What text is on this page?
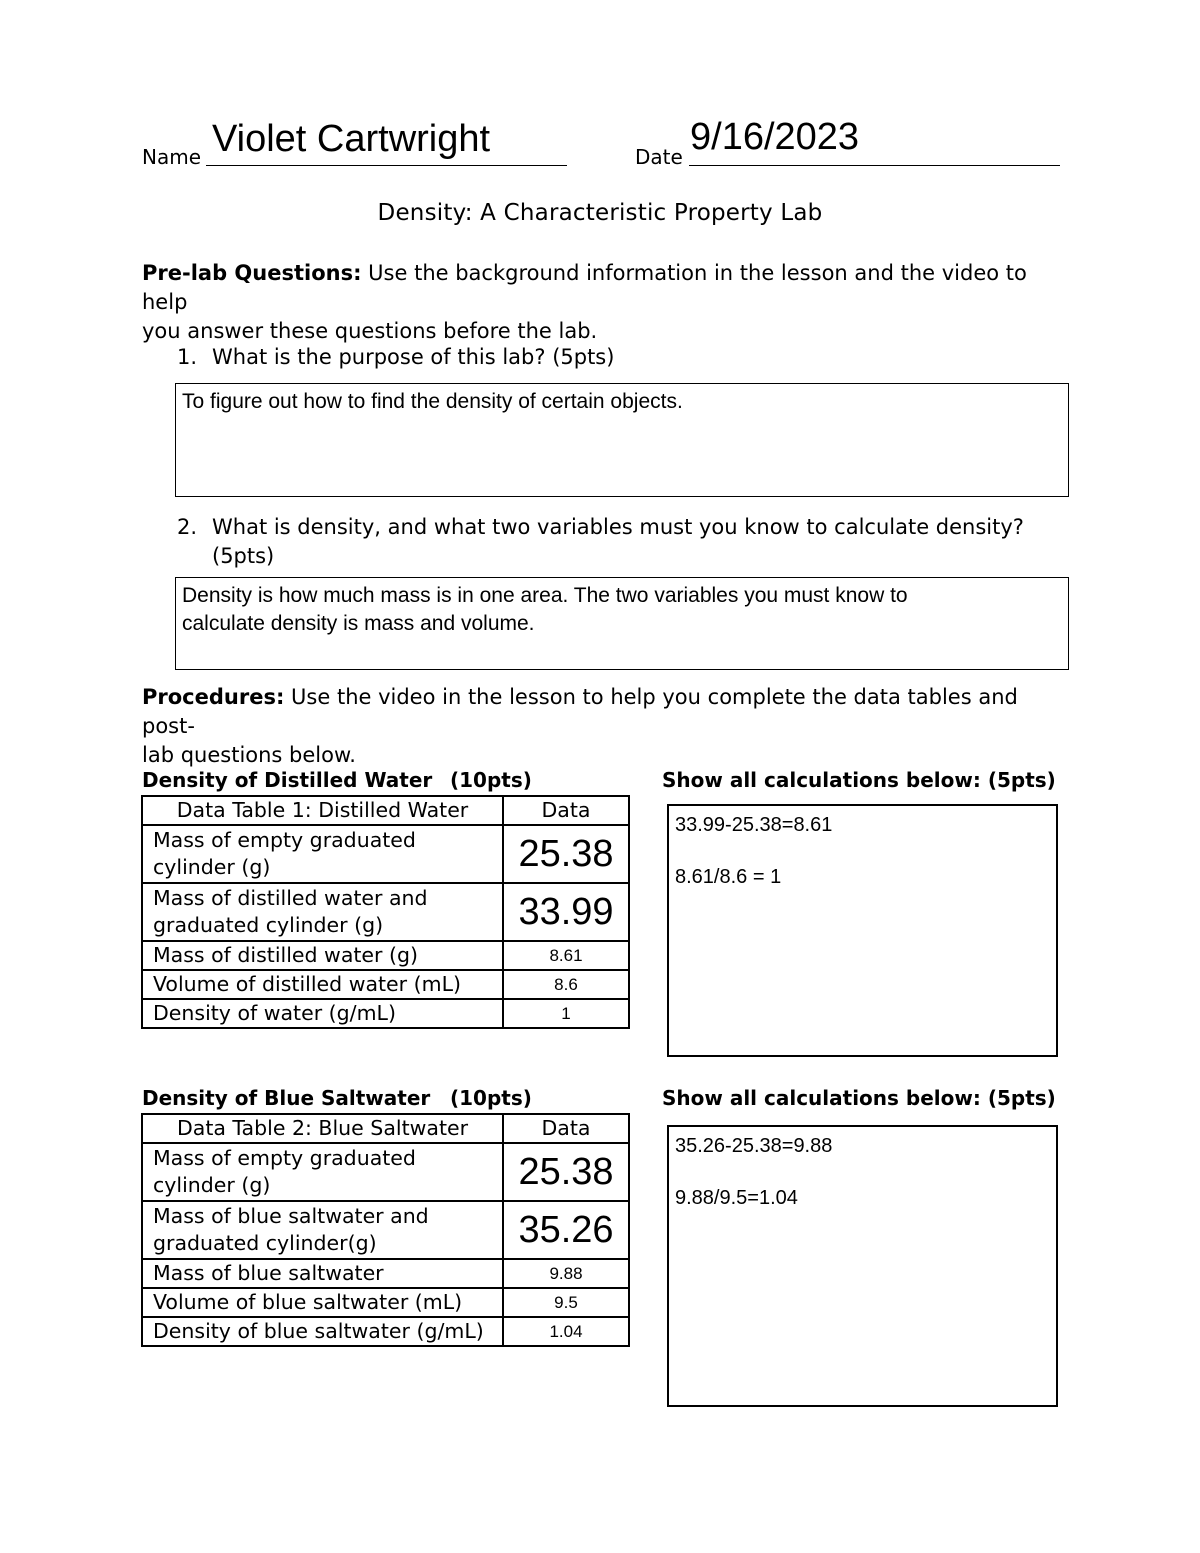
Name Violet Cartwright	Date 9/16/2023
Density: A Characteristic Property Lab
Pre-lab Questions: Use the background information in the lesson and the video to help
you answer these questions before the lab.
1. What is the purpose of this lab? (5pts)
To figure out how to find the density of certain objects.
2. What is density, and what two variables must you know to calculate density?
(5pts)
Density is how much mass is in one area. The two variables you must know to
calculate density is mass and volume.
Procedures: Use the video in the lesson to help you complete the data tables and post-
lab questions below.
Density of Distilled Water (10pts)	Show all calculations below: (5pts)
Data Table 1: Distilled Water	Data

Mass of empty graduated
cylinder (g)	25.38

Mass of distilled water and
graduated cylinder (g)	33.99
Mass of distilled water (g)	8.61
Volume of distilled water (mL)	8.6
Density of water (g/mL)	1

33.99-25.38=8.61

8.61/8.6 = 1

Density of Blue Saltwater (10pts)	Show all calculations below: (5pts)
Data Table 2: Blue Saltwater	Data

Mass of empty graduated
cylinder (g)	25.38

Mass of blue saltwater and
graduated cylinder(g)	35.26
Mass of blue saltwater	9.88
Volume of blue saltwater (mL)	9.5
Density of blue saltwater (g/mL)	1.04

35.26-25.38=9.88

9.88/9.5=1.04
